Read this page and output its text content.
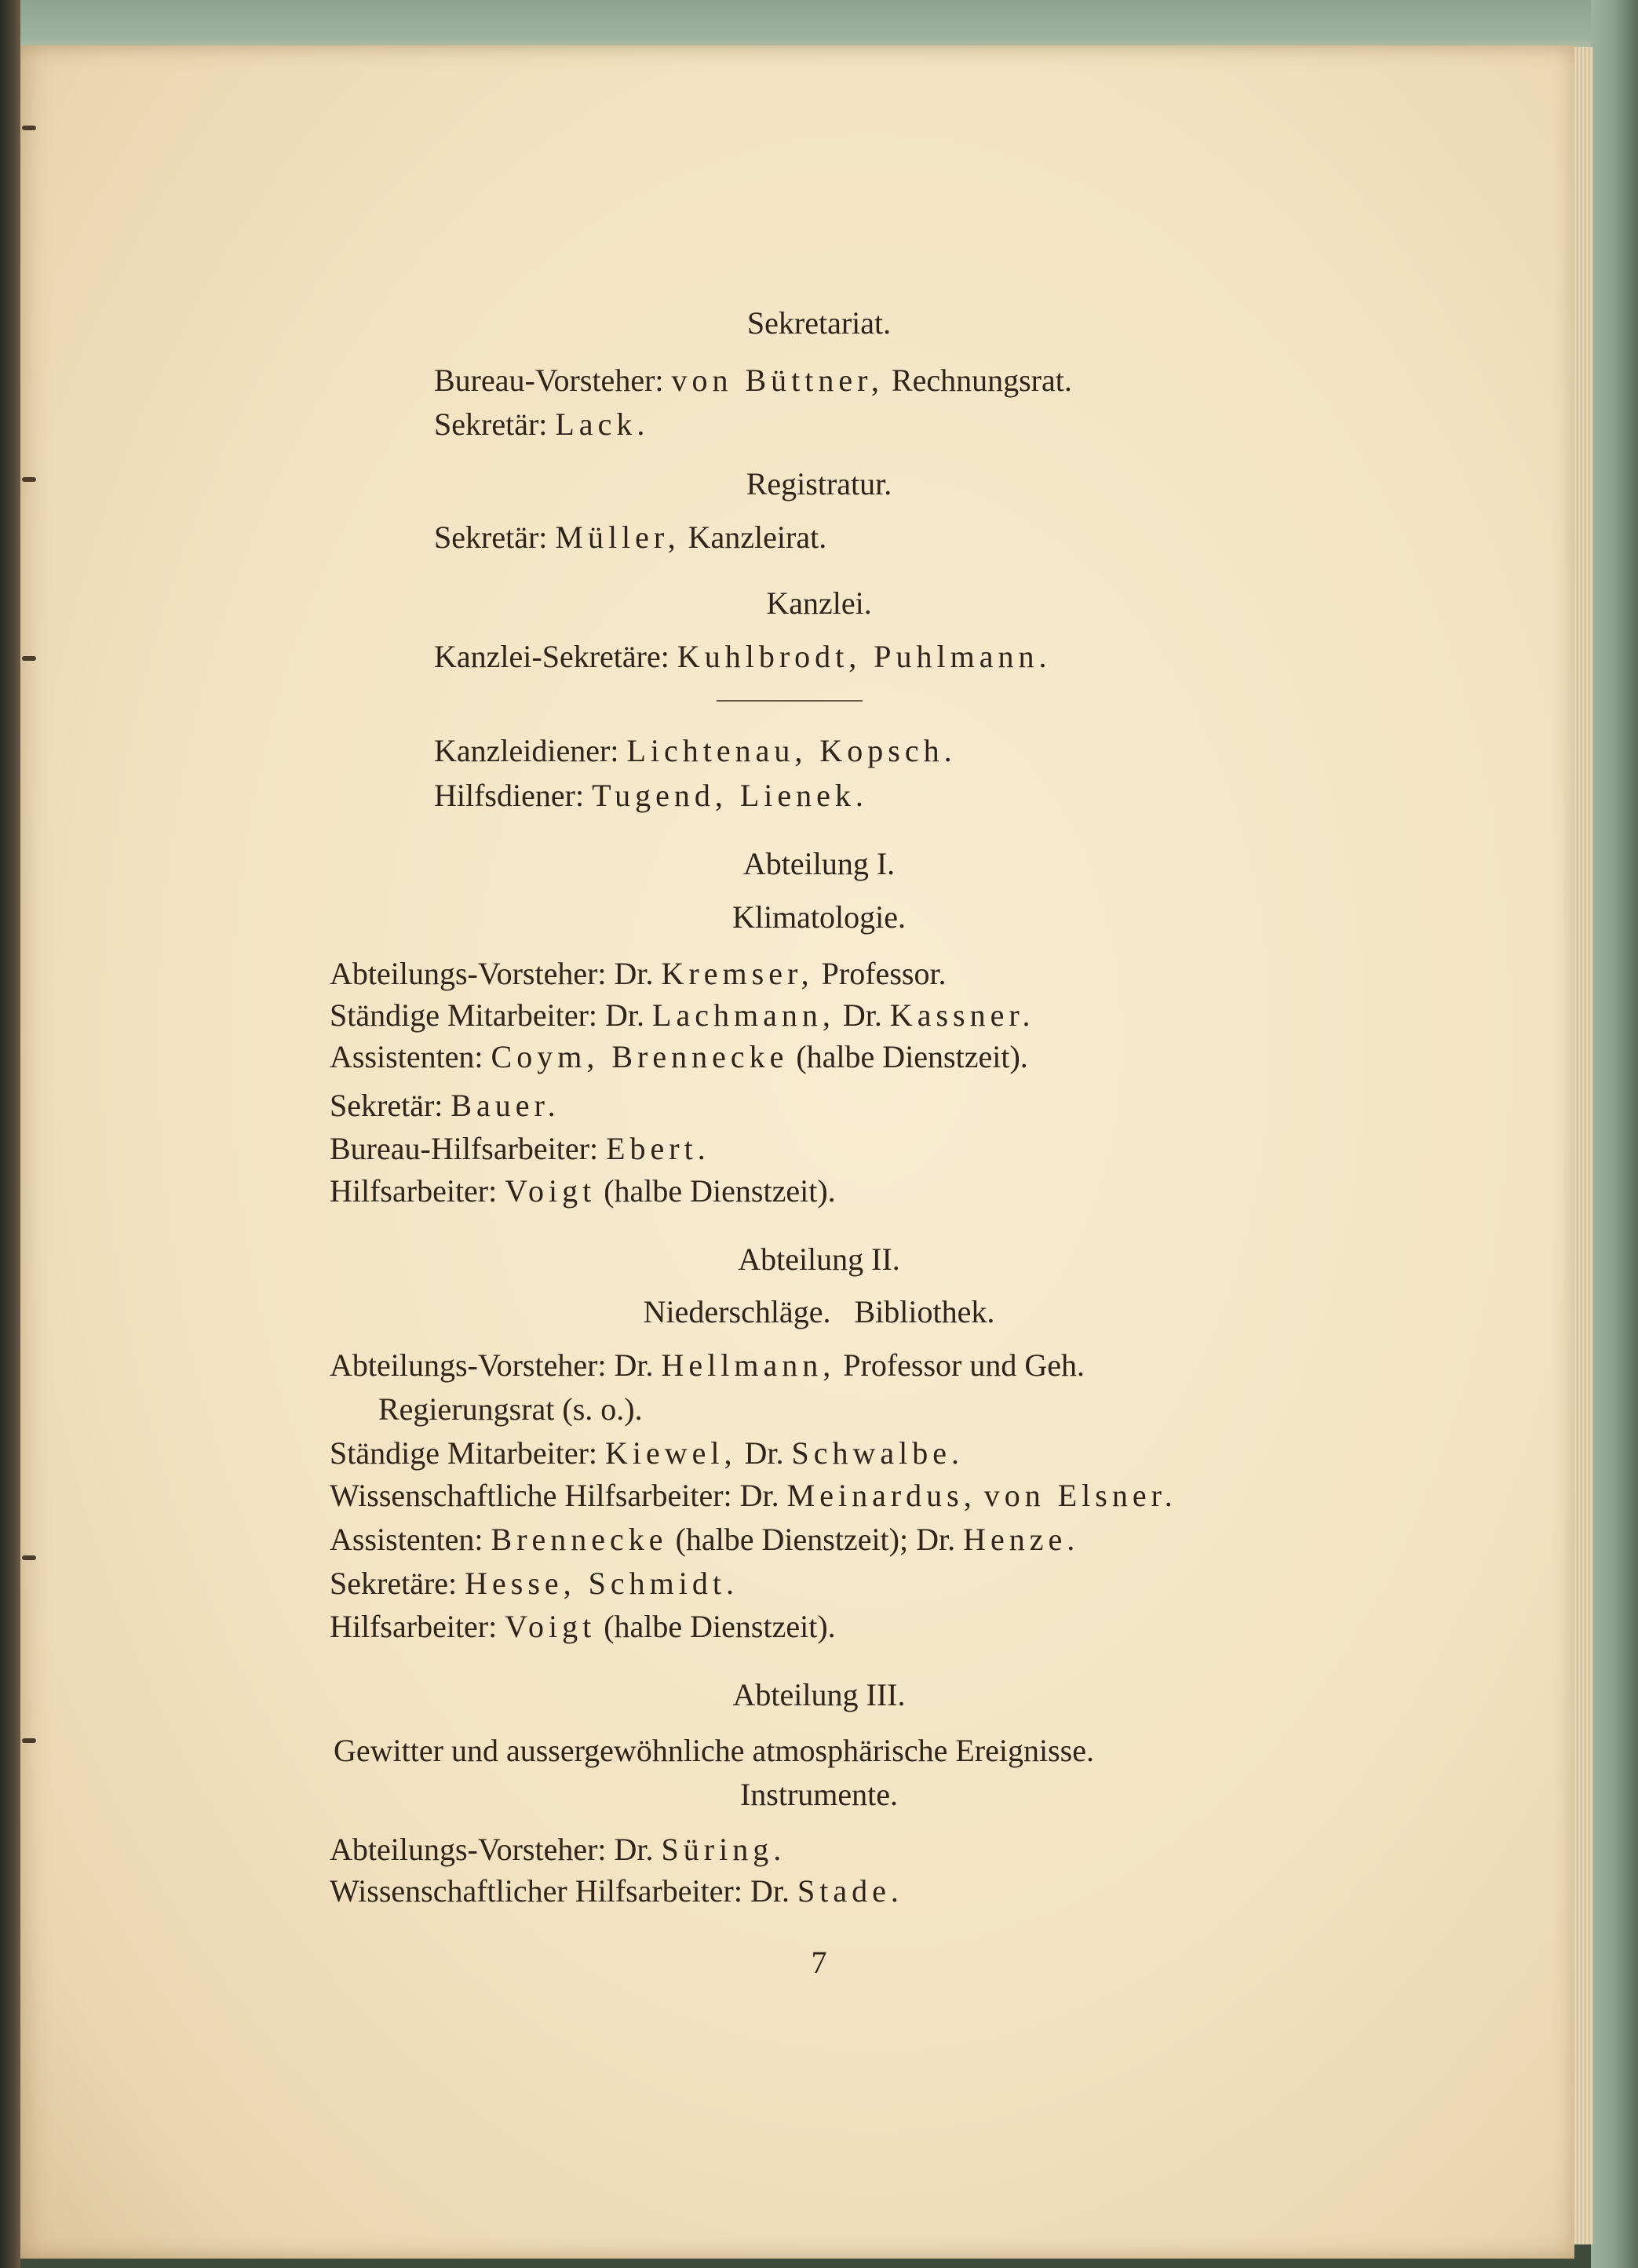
Sekretariat.
Bureau-Vorsteher: von Büttner, Rechnungsrat.
Sekretär: Lack.
Registratur.
Sekretär: Müller, Kanzleirat.
Kanzlei.
Kanzlei-Sekretäre: Kuhlbrodt, Puhlmann.
Kanzleidiener: Lichtenau, Kopsch.
Hilfsdiener: Tugend, Lienek.
Abteilung I.
Klimatologie.
Abteilungs-Vorsteher: Dr. Kremser, Professor.
Ständige Mitarbeiter: Dr. Lachmann, Dr. Kassner.
Assistenten: Coym, Brennecke (halbe Dienstzeit).
Sekretär: Bauer.
Bureau-Hilfsarbeiter: Ebert.
Hilfsarbeiter: Voigt (halbe Dienstzeit).
Abteilung II.
Niederschläge.   Bibliothek.
Abteilungs-Vorsteher: Dr. Hellmann, Professor und Geh.
Regierungsrat (s. o.).
Ständige Mitarbeiter: Kiewel, Dr. Schwalbe.
Wissenschaftliche Hilfsarbeiter: Dr. Meinardus, von Elsner.
Assistenten: Brennecke (halbe Dienstzeit); Dr. Henze.
Sekretäre: Hesse, Schmidt.
Hilfsarbeiter: Voigt (halbe Dienstzeit).
Abteilung III.
Gewitter und aussergewöhnliche atmosphärische Ereignisse.
Instrumente.
Abteilungs-Vorsteher: Dr. Süring.
Wissenschaftlicher Hilfsarbeiter: Dr. Stade.
7
